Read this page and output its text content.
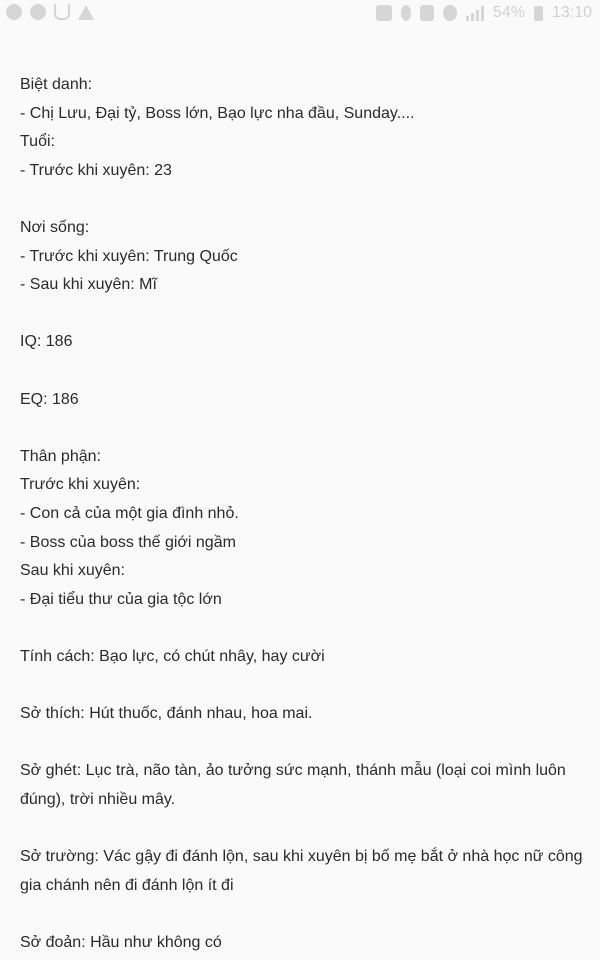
54% 13:10
Biệt danh:
- Chị Lưu, Đại tỷ, Boss lớn, Bạo lực nha đầu, Sunday....
Tuổi:
- Trước khi xuyên: 23
Nơi sống:
- Trước khi xuyên: Trung Quốc
- Sau khi xuyên: Mĩ
IQ: 186
EQ: 186
Thân phận:
Trước khi xuyên:
- Con cả của một gia đình nhỏ.
- Boss của boss thế giới ngầm
Sau khi xuyên:
- Đại tiểu thư của gia tộc lớn
Tính cách: Bạo lực, có chút nhây, hay cười
Sở thích: Hút thuốc, đánh nhau, hoa mai.
Sở ghét: Lục trà, não tàn, ảo tưởng sức mạnh, thánh mẫu (loại coi mình luôn đúng), trời nhiều mây.
Sở trường: Vác gậy đi đánh lộn, sau khi xuyên bị bố mẹ bắt ở nhà học nữ công gia chánh nên đi đánh lộn ít đi
Sở đoản: Hầu như không có
